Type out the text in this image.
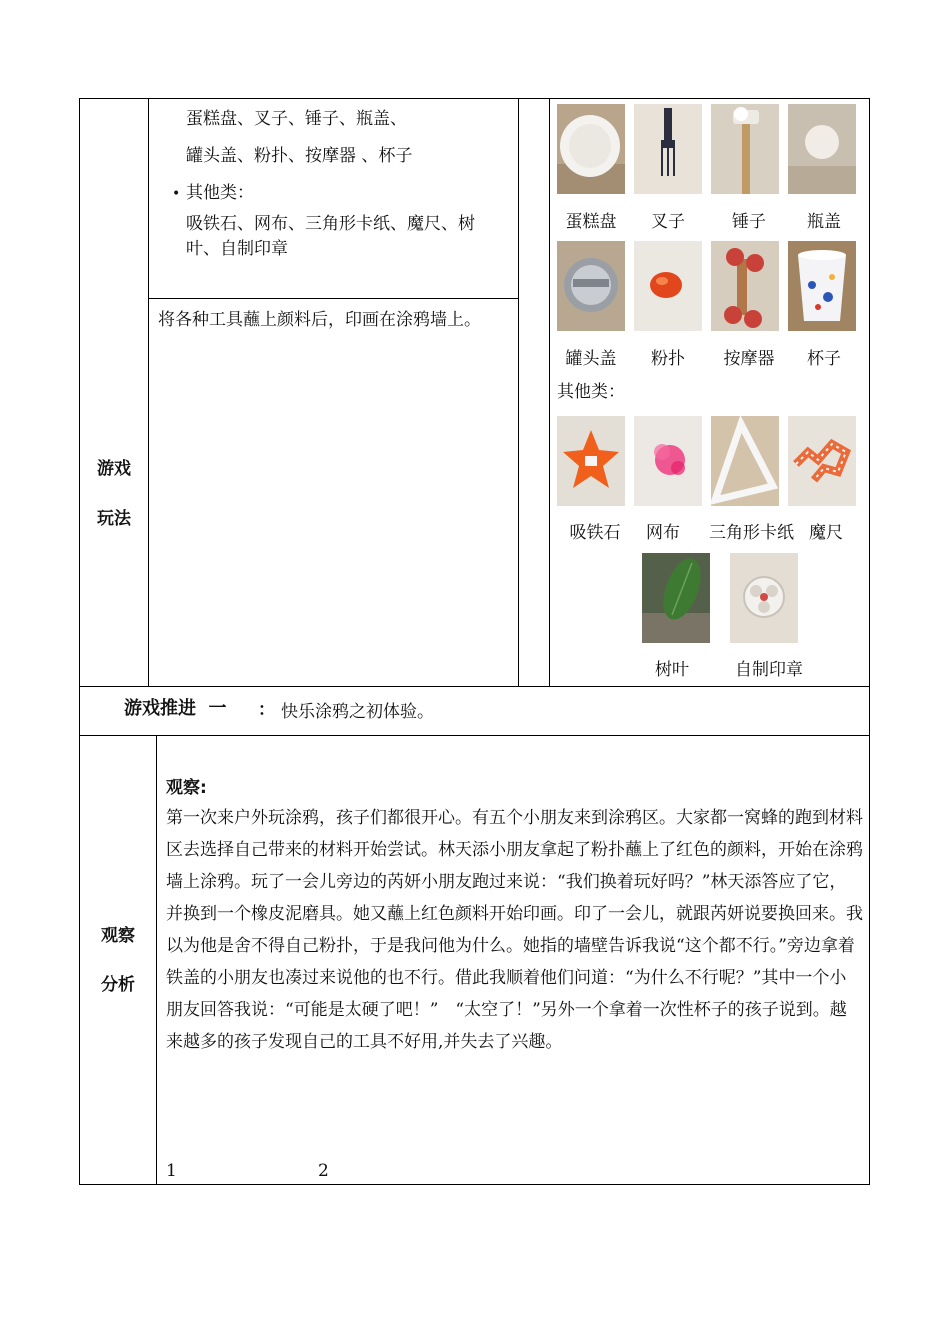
蛋糕盘、叉子、锤子、瓶盖、
罐头盖、粉扑、按摩器 、杯子
• 其他类：
吸铁石、网布、三角形卡纸、魔尺、树
叶、自制印章
游戏
玩法
将各种工具蘸上颜料后，印画在涂鸦墙上。
蛋糕盘	叉子	锤子	瓶盖
罐头盖	粉扑	按摩器	杯子
其他类：
吸铁石	网布	三角形卡纸 魔尺
树叶	自制印章
游戏推进  一 ： 快乐涂鸦之初体验。
观察
分析
观察:
第一次来户外玩涂鸦，孩子们都很开心。有五个小朋友来到涂鸦区。大家都一窝蜂的跑到材料区去选择自己带来的材料开始尝试。林天添小朋友拿起了粉扑蘸上了红色的颜料，开始在涂鸦墙上涂鸦。玩了一会儿旁边的芮妍小朋友跑过来说：“我们换着玩好吗？”林天添答应了它，并换到一个橡皮泥磨具。她又蘸上红色颜料开始印画。印了一会儿，就跟芮妍说要换回来。我以为他是舍不得自己粉扑，于是我问他为什么。她指的墙壁告诉我说“这个都不行。”旁边拿着铁盖的小朋友也凑过来说他的也不行。借此我顺着他们问道：“为什么不行呢？”其中一个小朋友回答我说：“可能是太硬了吧！”　“太空了！”另外一个拿着一次性杯子的孩子说到。越来越多的孩子发现自己的工具不好用,并失去了兴趣。
1	2
